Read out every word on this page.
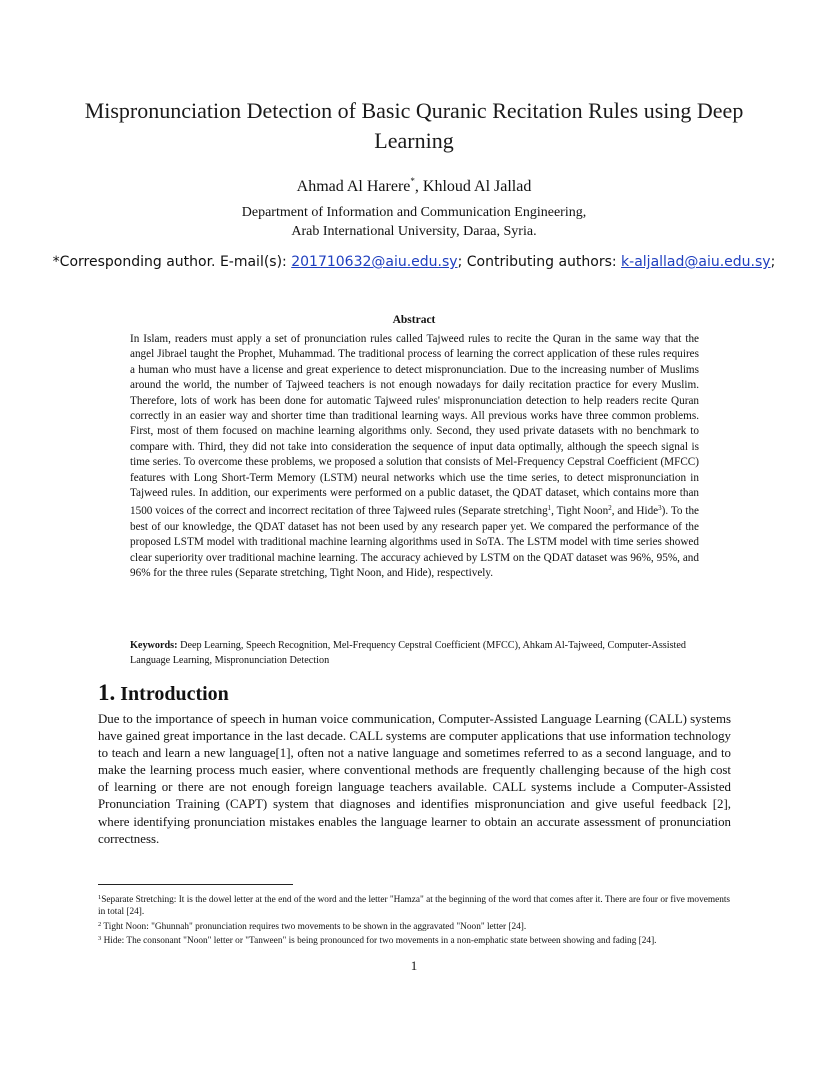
Mispronunciation Detection of Basic Quranic Recitation Rules using Deep Learning
Ahmad Al Harere*, Khloud Al Jallad
Department of Information and Communication Engineering,
Arab International University, Daraa, Syria.
*Corresponding author. E-mail(s): 201710632@aiu.edu.sy; Contributing authors: k-aljallad@aiu.edu.sy;
Abstract
In Islam, readers must apply a set of pronunciation rules called Tajweed rules to recite the Quran in the same way that the angel Jibrael taught the Prophet, Muhammad. The traditional process of learning the correct application of these rules requires a human who must have a license and great experience to detect mispronunciation. Due to the increasing number of Muslims around the world, the number of Tajweed teachers is not enough nowadays for daily recitation practice for every Muslim. Therefore, lots of work has been done for automatic Tajweed rules' mispronunciation detection to help readers recite Quran correctly in an easier way and shorter time than traditional learning ways. All previous works have three common problems. First, most of them focused on machine learning algorithms only. Second, they used private datasets with no benchmark to compare with. Third, they did not take into consideration the sequence of input data optimally, although the speech signal is time series. To overcome these problems, we proposed a solution that consists of Mel-Frequency Cepstral Coefficient (MFCC) features with Long Short-Term Memory (LSTM) neural networks which use the time series, to detect mispronunciation in Tajweed rules. In addition, our experiments were performed on a public dataset, the QDAT dataset, which contains more than 1500 voices of the correct and incorrect recitation of three Tajweed rules (Separate stretching$^1$, Tight Noon$^2$, and Hide$^3$). To the best of our knowledge, the QDAT dataset has not been used by any research paper yet. We compared the performance of the proposed LSTM model with traditional machine learning algorithms used in SoTA. The LSTM model with time series showed clear superiority over traditional machine learning. The accuracy achieved by LSTM on the QDAT dataset was 96%, 95%, and 96% for the three rules (Separate stretching, Tight Noon, and Hide), respectively.
Keywords: Deep Learning, Speech Recognition, Mel-Frequency Cepstral Coefficient (MFCC), Ahkam Al-Tajweed, Computer-Assisted Language Learning, Mispronunciation Detection
1. Introduction
Due to the importance of speech in human voice communication, Computer-Assisted Language Learning (CALL) systems have gained great importance in the last decade. CALL systems are computer applications that use information technology to teach and learn a new language[1], often not a native language and sometimes referred to as a second language, and to make the learning process much easier, where conventional methods are frequently challenging because of the high cost of learning or there are not enough foreign language teachers available. CALL systems include a Computer-Assisted Pronunciation Training (CAPT) system that diagnoses and identifies mispronunciation and give useful feedback [2], where identifying pronunciation mistakes enables the language learner to obtain an accurate assessment of pronunciation correctness.

$^1$Separate Stretching: It is the dowel letter at the end of the word and the letter "Hamza" at the beginning of the word that comes after it. There are four or five movements in total [24].

$^2$ Tight Noon: "Ghunnah" pronunciation requires two movements to be shown in the aggravated "Noon" letter [24].

$^3$ Hide: The consonant "Noon" letter or "Tanween" is being pronounced for two movements in a non-emphatic state between showing and fading [24].

1
